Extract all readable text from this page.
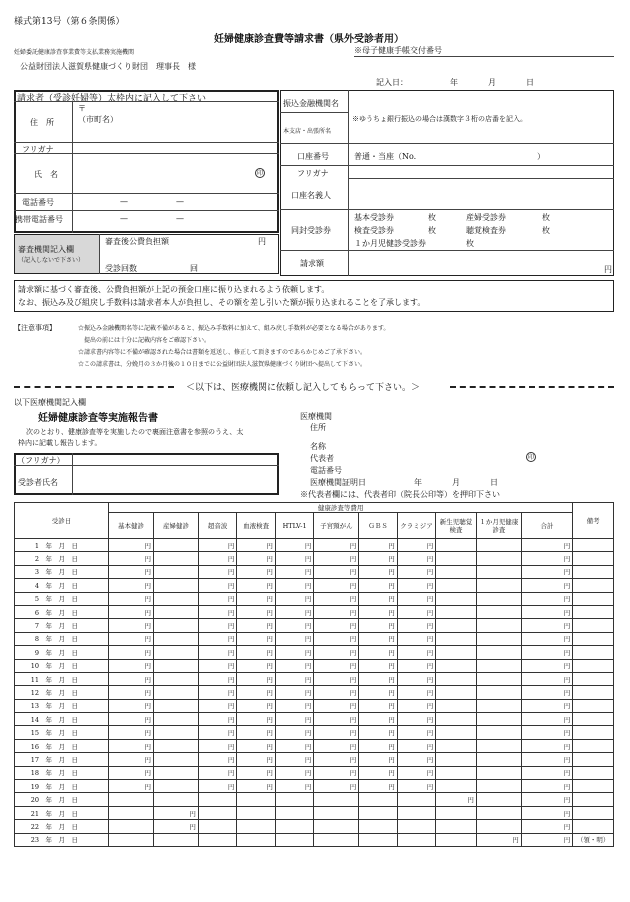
様式第13号（第６条関係）
妊婦健康診査費等請求書（県外受診者用）
妊婦委託健康診査事業費等支払業務実施機関	※母子健康手帳交付番号
公益財団法人滋賀県健康づくり財団　理事長　様
記入日：	年	月	日
請求者（受診妊婦等）太枠内に記入して下さい
住　所
〒
（市町名）
フリガナ
氏　名	印
電話番号	—	—
携帯電話番号	—	—
審査機関記入欄
（記入しないで下さい）
審査後公費負担額	円
受診回数	回
振込金融機関名
本支店・出張所名
※ゆうちょ銀行振込の場合は漢数字３桁の店番を記入。
口座番号	普通・当座（No.	）
フリガナ
口座名義人
同封受診券
基本受診券	枚
検査受診券	枚
１か月児健診受診券	枚
産婦受診券	枚
聴覚検査券	枚
請求額
円
請求額に基づく審査後、公費負担額が上記の預金口座に振り込まれるよう依頼します。
なお、振込み及び組戻し手数料は請求者本人が負担し、その額を差し引いた額が振り込まれることを了承します。
【注意事項】	☆振込み金融機関名等に記載不備があると、振込み手数料に加えて、組み戻し手数料が必要となる場合があります。
　提出の前には十分に記載内容をご確認下さい。
☆請求書内容等に不備が確認された場合は書類を返送し、修正して頂きますのであらかじめご了承下さい。
☆この請求書は、分娩月の３か月後の１０日までに公益財団法人滋賀県健康づくり財団へ提出して下さい。
＜以下は、医療機関に依頼し記入してもらって下さい。＞
以下医療機関記入欄
妊婦健康診査等実施報告書
次のとおり、健康診査等を実施したので裏面注意書を参照のうえ、太
枠内に記載し報告します。
医療機関
住所
名称
代表者	印
電話番号
医療機関証明日	年	月	日
※代表者欄には、代表者印（院長公印等）を押印下さい
（フリガナ）
受診者氏名
受診日	健康診査等費用											備考
	基本健診	産婦健診	超音波	血液検査	HTLV-1	子宮頸がん	ＧＢＳ	クラミジア	新生児聴覚検査	１か月児健康診査	合計	
1　 年　 月　 日	円		円	円	円	円	円	円			円	
2　 年　 月　 日	円		円	円	円	円	円	円			円	
3　 年　 月　 日	円		円	円	円	円	円	円			円	
4　 年　 月　 日	円		円	円	円	円	円	円			円	
5　 年　 月　 日	円		円	円	円	円	円	円			円	
6　 年　 月　 日	円		円	円	円	円	円	円			円	
7　 年　 月　 日	円		円	円	円	円	円	円			円	
8　 年　 月　 日	円		円	円	円	円	円	円			円	
9　 年　 月　 日	円		円	円	円	円	円	円			円	
10　 年　 月　 日	円		円	円	円	円	円	円			円	
11　 年　 月　 日	円		円	円	円	円	円	円			円	
12　 年　 月　 日	円		円	円	円	円	円	円			円	
13　 年　 月　 日	円		円	円	円	円	円	円			円	
14　 年　 月　 日	円		円	円	円	円	円	円			円	
15　 年　 月　 日	円		円	円	円	円	円	円			円	
16　 年　 月　 日	円		円	円	円	円	円	円			円	
17　 年　 月　 日	円		円	円	円	円	円	円			円	
18　 年　 月　 日	円		円	円	円	円	円	円			円	
19　 年　 月　 日	円		円	円	円	円	円	円			円	
20　 年　 月　 日									円		円	
21　 年　 月　 日		円									円	
22　 年　 月　 日		円									円	
23　 年　 月　 日										円	円	（領・明）
